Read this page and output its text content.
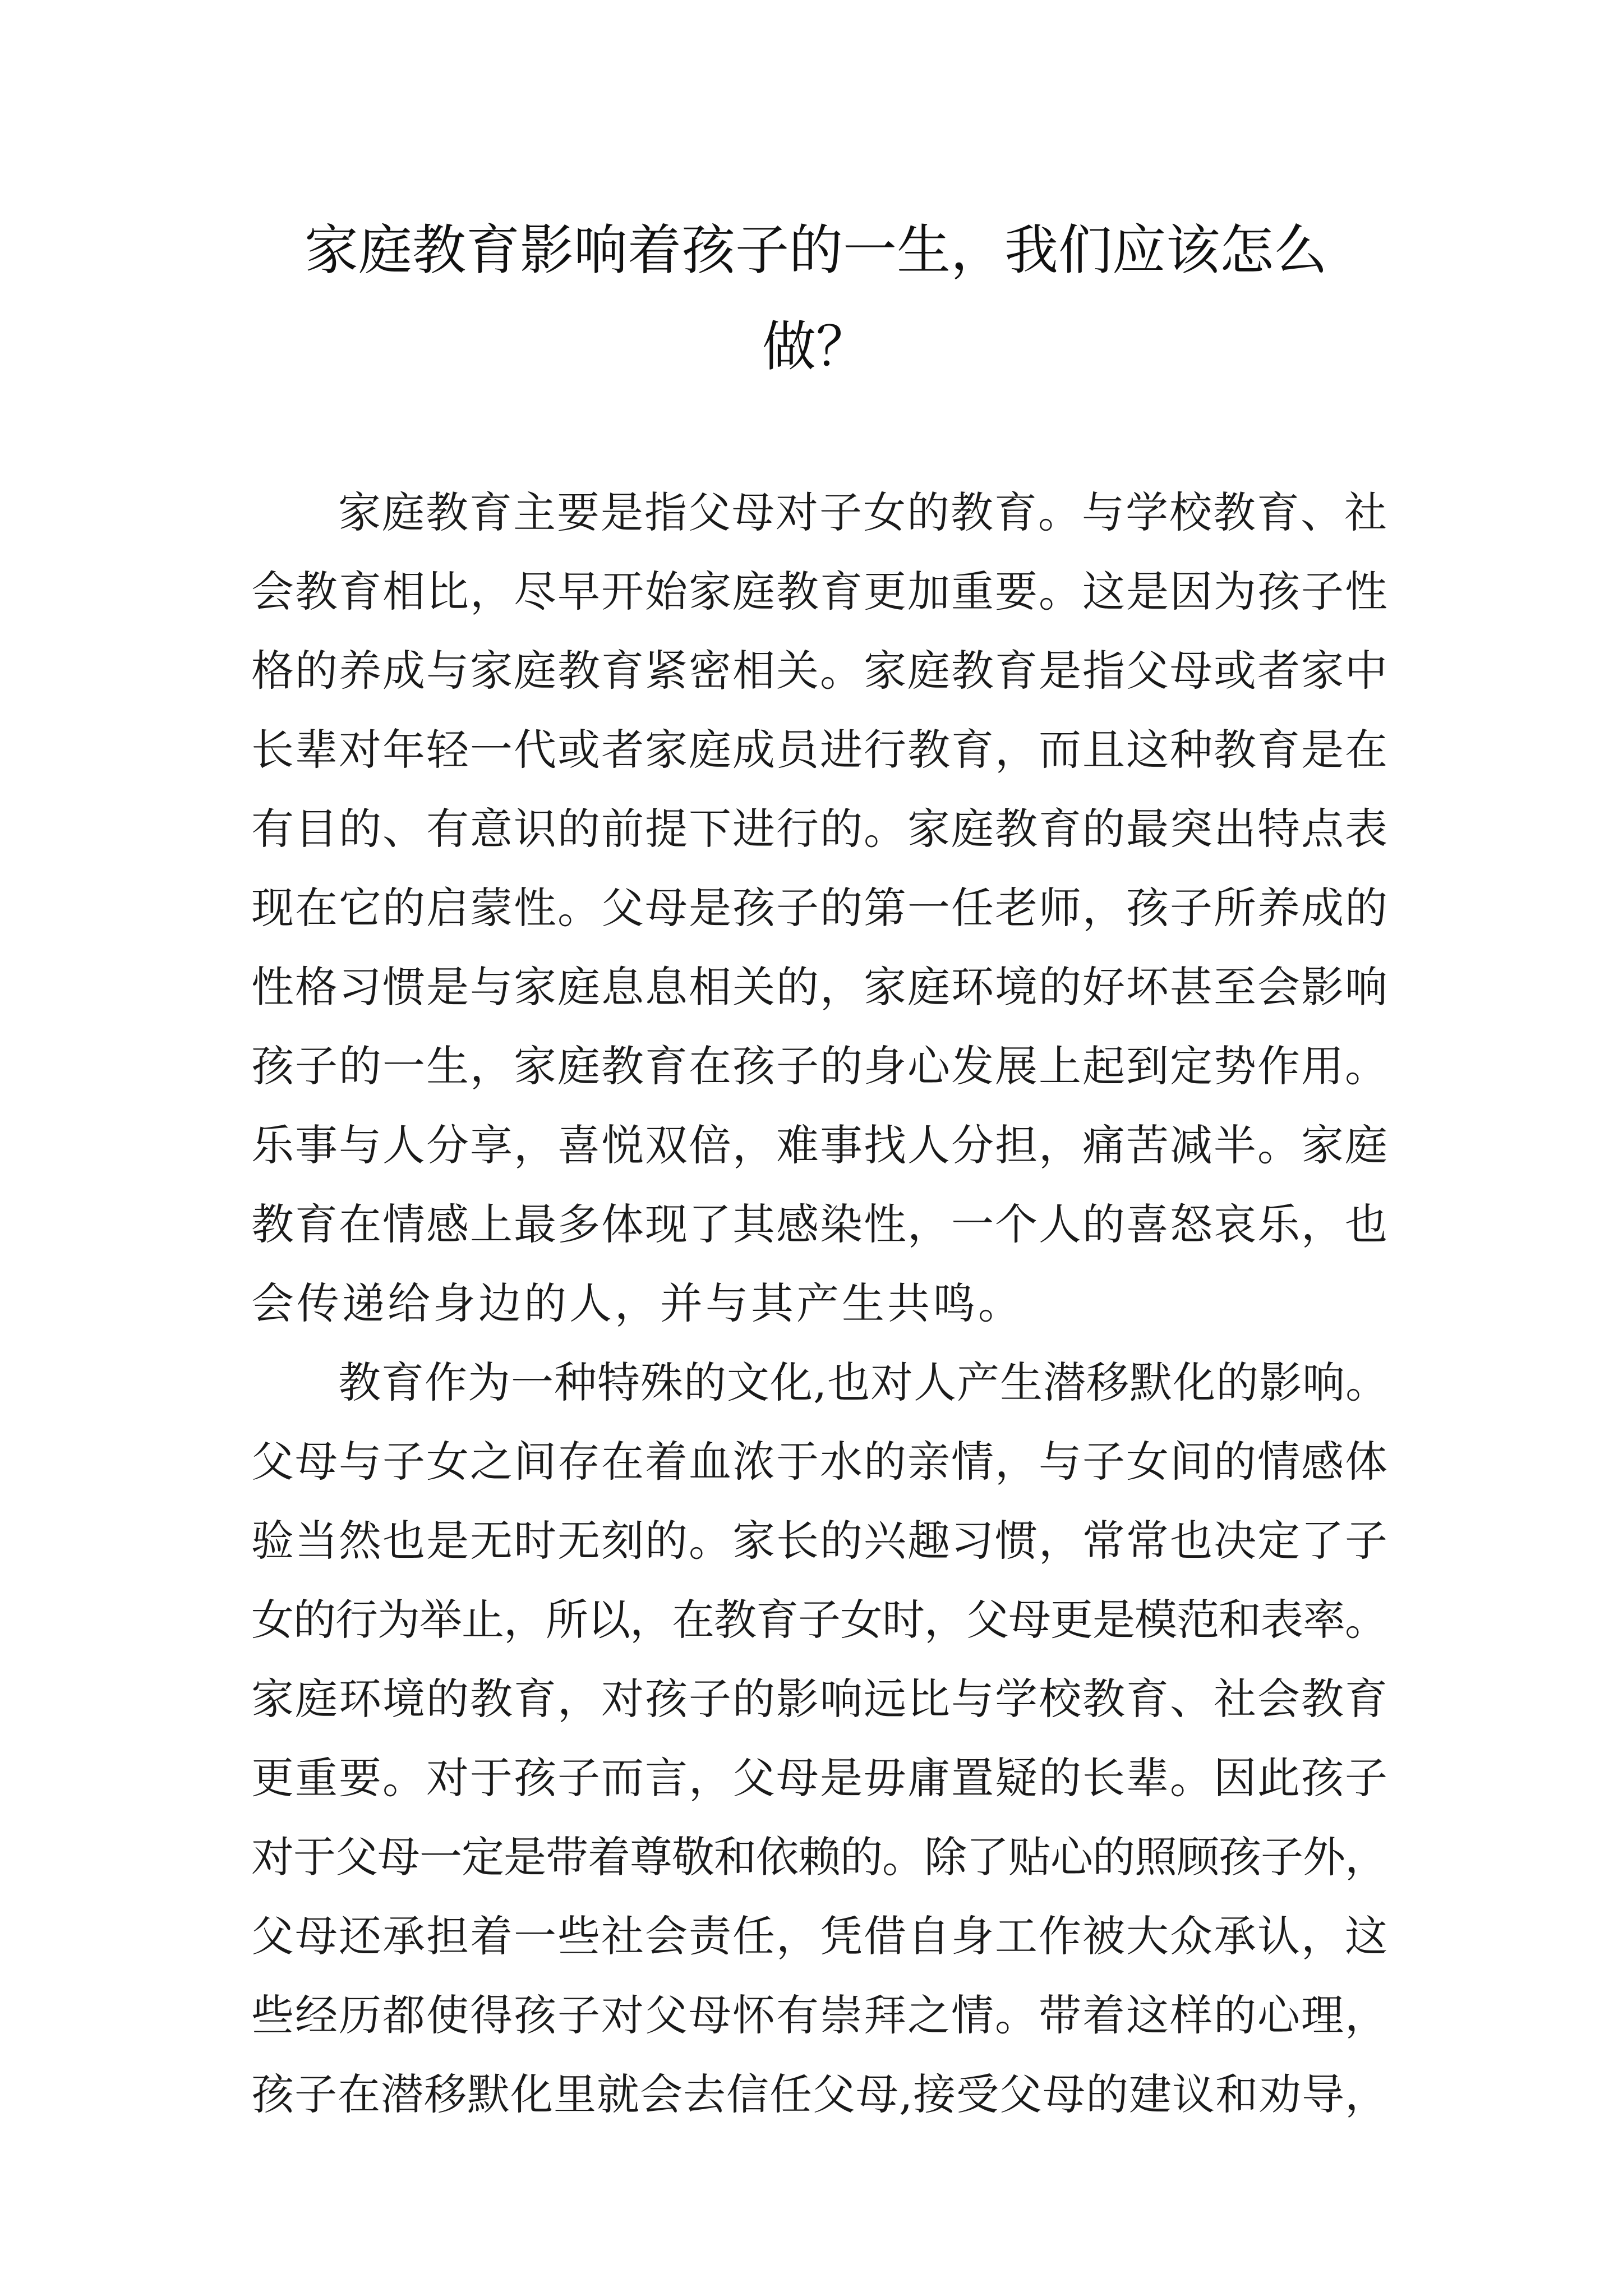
家庭教育影响着孩子的一生，我们应该怎么
做？
家庭教育主要是指父母对子女的教育。与学校教育、社
会教育相比，尽早开始家庭教育更加重要。这是因为孩子性
格的养成与家庭教育紧密相关。家庭教育是指父母或者家中
长辈对年轻一代或者家庭成员进行教育，而且这种教育是在
有目的、有意识的前提下进行的。家庭教育的最突出特点表
现在它的启蒙性。父母是孩子的第一任老师，孩子所养成的
性格习惯是与家庭息息相关的，家庭环境的好坏甚至会影响
孩子的一生，家庭教育在孩子的身心发展上起到定势作用。
乐事与人分享，喜悦双倍，难事找人分担，痛苦减半。家庭
教育在情感上最多体现了其感染性，一个人的喜怒哀乐，也
会传递给身边的人，并与其产生共鸣。
教育作为一种特殊的文化,也对人产生潜移默化的影响。
父母与子女之间存在着血浓于水的亲情，与子女间的情感体
验当然也是无时无刻的。家长的兴趣习惯，常常也决定了子
女的行为举止，所以，在教育子女时，父母更是模范和表率。
家庭环境的教育，对孩子的影响远比与学校教育、社会教育
更重要。对于孩子而言，父母是毋庸置疑的长辈。因此孩子
对于父母一定是带着尊敬和依赖的。除了贴心的照顾孩子外，
父母还承担着一些社会责任，凭借自身工作被大众承认，这
些经历都使得孩子对父母怀有崇拜之情。带着这样的心理，
孩子在潜移默化里就会去信任父母,接受父母的建议和劝导，
